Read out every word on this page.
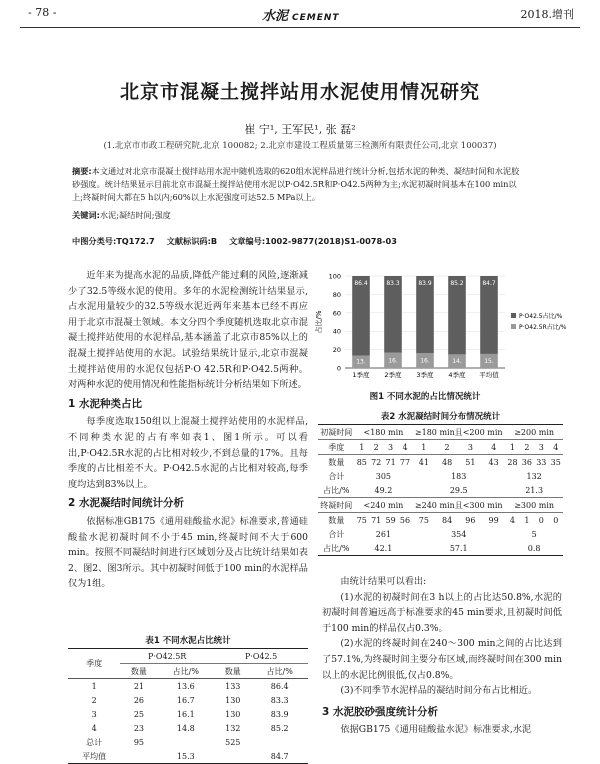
- 78 -	水泥 CEMENT	2018.增刊
北京市混凝土搅拌站用水泥使用情况研究
崔 宁¹, 王军民¹, 张 磊²
(1.北京市市政工程研究院,北京 100082; 2.北京市建设工程质量第三检测所有限责任公司,北京 100037)
摘要:本文通过对北京市混凝土搅拌站用水泥中随机选取的620组水泥样品进行统计分析,包括水泥的种类、凝结时间和水泥胶砂强度。统计结果显示目前北京市混凝土搅拌站使用水泥以P·O42.5R和P·O42.5两种为主;水泥初凝时间基本在100 min以上;终凝时间大都在5 h以内;60%以上水泥强度可达52.5 MPa以上。
关键词:水泥;凝结时间;强度
中图分类号:TQ172.7 文献标识码:B 文章编号:1002-9877(2018)S1-0078-03

近年来为提高水泥的品质,降低产能过剩的风险,逐渐减少了32.5等级水泥的使用。多年的水泥检测统计结果显示,占水泥用量较少的32.5等级水泥近两年来基本已经不再应用于北京市混凝土领域。本文分四个季度随机选取北京市混凝土搅拌站使用的水泥样品,基本涵盖了北京市85%以上的混凝土搅拌站使用的水泥。试验结果统计显示,北京市混凝土搅拌站使用的水泥仅包括P·O 42.5R和P·O42.5两种。对两种水泥的使用情况和性能指标统计分析结果如下所述。

1 水泥种类占比

每季度选取150组以上混凝土搅拌站使用的水泥样品,不同种类水泥的占有率如表1、图1所示。可以看出,P·O42.5R水泥的占比相对较少,不到总量的17%。且每季度的占比相差不大。P·O42.5水泥的占比相对较高,每季度均达到83%以上。

2 水泥凝结时间统计分析

依据标准GB175《通用硅酸盐水泥》标准要求,普通硅酸盐水泥初凝时间不小于45 min,终凝时间不大于600 min。按照不同凝结时间进行区域划分及占比统计结果如表2、图2、图3所示。其中初凝时间低于100 min的水泥样品仅为1组。

表1 不同水泥占比统计
季度	P·O42.5R		P·O42.5	
	数量	占比/%	数量	占比/%
1	21	13.6	133	86.4
2	26	16.7	130	83.3
3	25	16.1	130	83.9
4	23	14.8	132	85.2
总计	95		525	
平均值		15.3		84.7
占比/%
0
20
40
60
80
100
13.
86.4
1季度
16.
83.3
2季度
16.
83.9
3季度
14.
85.2
4季度
15.
84.7
平均值
P·O42.5占比/%
P·O42.5R占比/%
图1 不同水泥的占比情况统计
表2 水泥凝结时间分布情况统计
初凝时间	<180 min				≥180 min且<200 min				≥200 min			
季度	1	2	3	4	1	2	3	4	1	2	3	4
数量	85	72	71	77	41	48	51	43	28	36	33	35
合计	305				183				132			
占比/%	49.2				29.5				21.3			
终凝时间	<240 min				≥240 min且<300 min				≥300 min			
数量	75	71	59	56	75	84	96	99	4	1	0	0
合计	261				354				5			
占比/%	42.1				57.1				0.8			

由统计结果可以看出:

(1)水泥的初凝时间在3 h以上的占比达50.8%,水泥的初凝时间普遍远高于标准要求的45 min要求,且初凝时间低于100 min的样品仅占0.3%。

(2)水泥的终凝时间在240～300 min之间的占比达到了57.1%,为终凝时间主要分布区域,而终凝时间在300 min以上的水泥比例很低,仅占0.8%。

(3)不同季节水泥样品的凝结时间分布占比相近。

3 水泥胶砂强度统计分析

依据GB175《通用硅酸盐水泥》标准要求,水泥
